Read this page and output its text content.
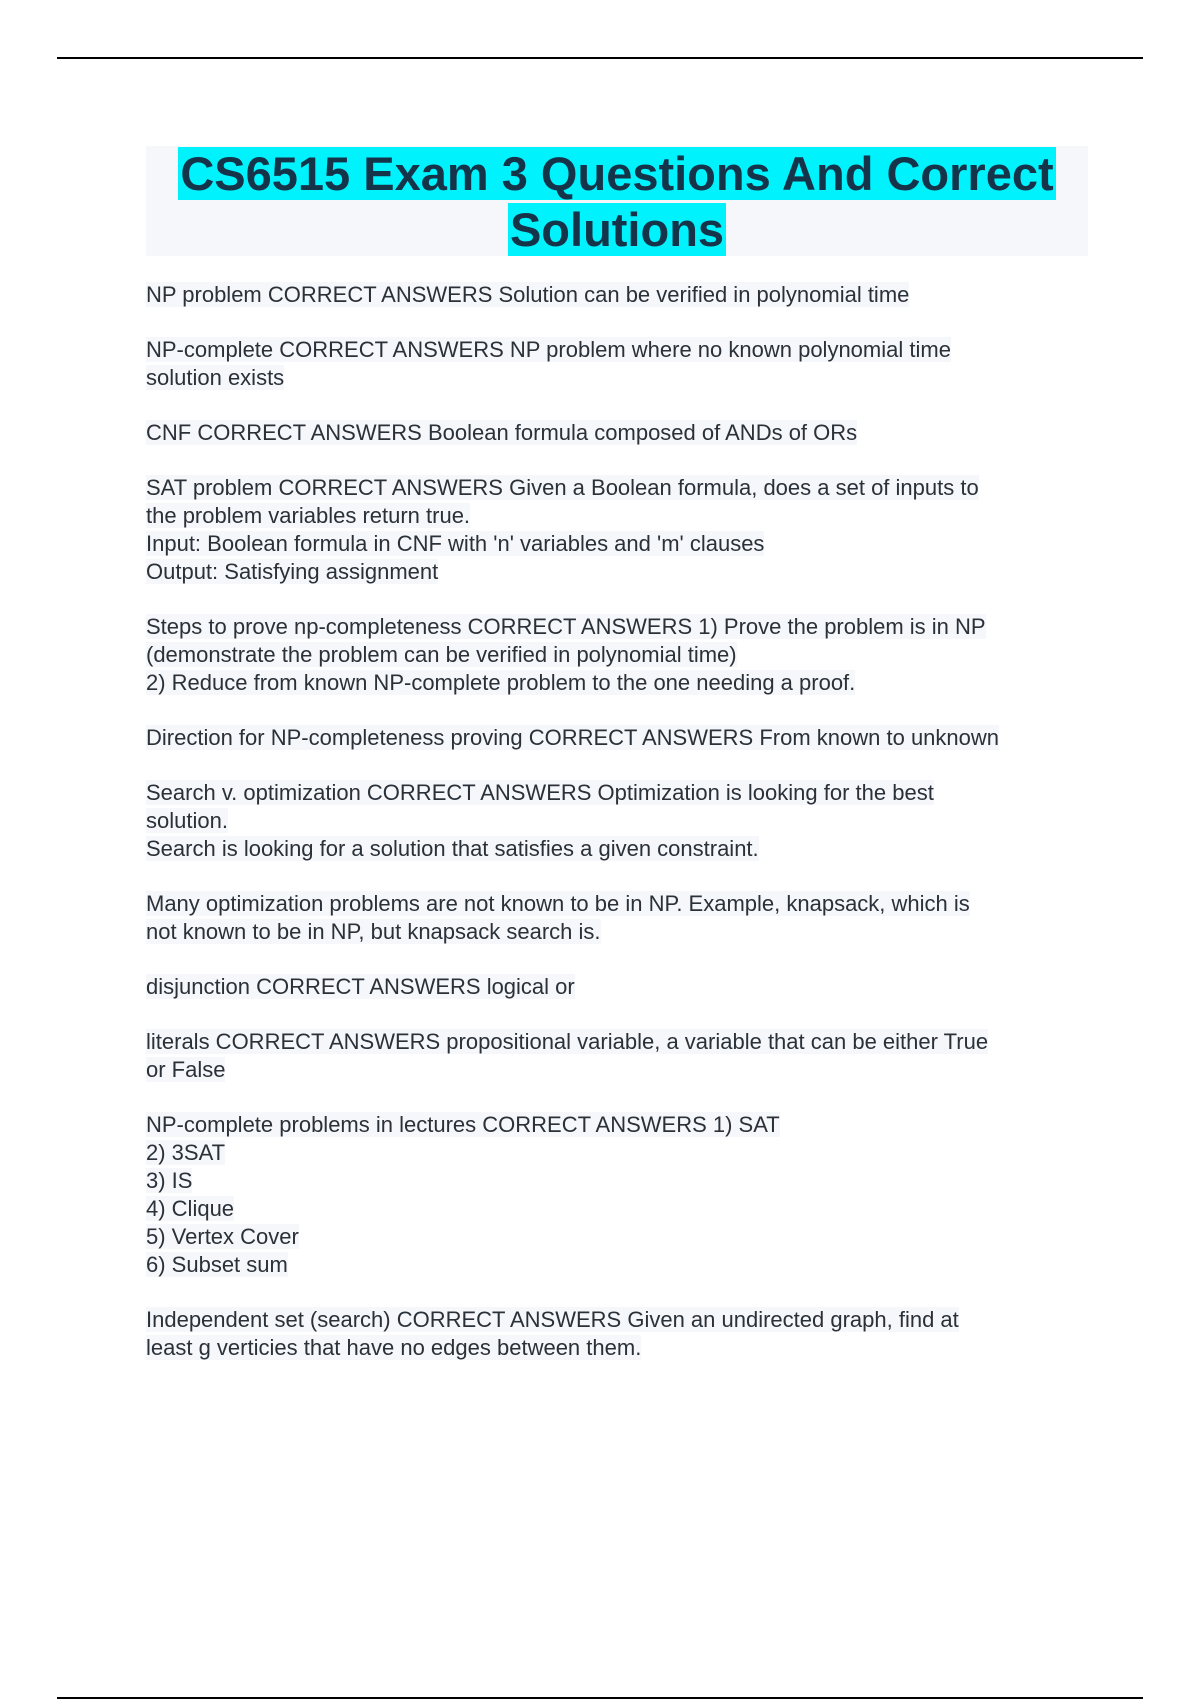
CS6515 Exam 3 Questions And Correct
Solutions
NP problem CORRECT ANSWERS Solution can be verified in polynomial time
NP-complete CORRECT ANSWERS NP problem where no known polynomial time
solution exists
CNF CORRECT ANSWERS Boolean formula composed of ANDs of ORs
SAT problem CORRECT ANSWERS Given a Boolean formula, does a set of inputs to
the problem variables return true.
Input: Boolean formula in CNF with 'n' variables and 'm' clauses
Output: Satisfying assignment
Steps to prove np-completeness CORRECT ANSWERS 1) Prove the problem is in NP
(demonstrate the problem can be verified in polynomial time)
2) Reduce from known NP-complete problem to the one needing a proof.
Direction for NP-completeness proving CORRECT ANSWERS From known to unknown
Search v. optimization CORRECT ANSWERS Optimization is looking for the best
solution.
Search is looking for a solution that satisfies a given constraint.
Many optimization problems are not known to be in NP. Example, knapsack, which is
not known to be in NP, but knapsack search is.
disjunction CORRECT ANSWERS logical or
literals CORRECT ANSWERS propositional variable, a variable that can be either True
or False
NP-complete problems in lectures CORRECT ANSWERS 1) SAT
2) 3SAT
3) IS
4) Clique
5) Vertex Cover
6) Subset sum
Independent set (search) CORRECT ANSWERS Given an undirected graph, find at
least g verticies that have no edges between them.
